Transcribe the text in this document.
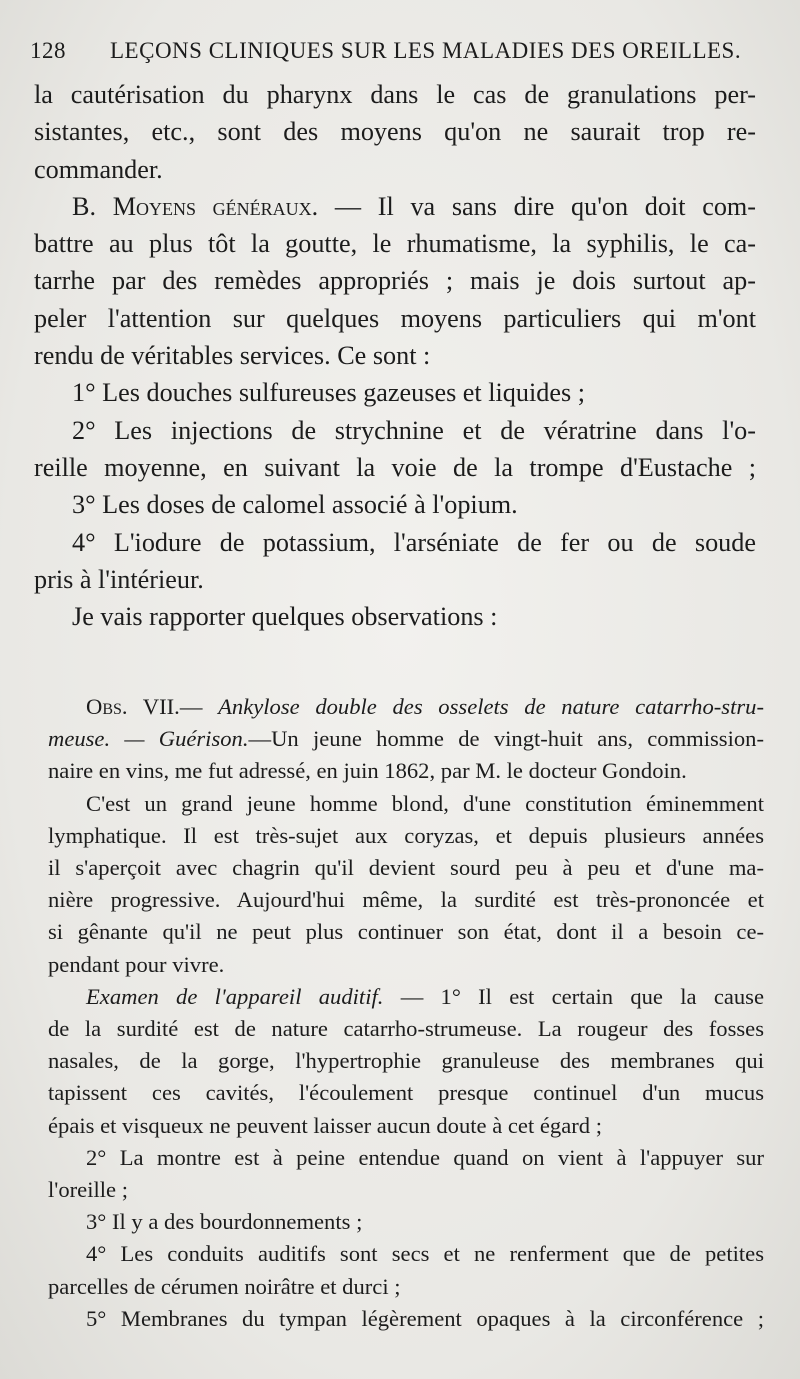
128 LEÇONS CLINIQUES SUR LES MALADIES DES OREILLES.

la cautérisation du pharynx dans le cas de granulations per-
sistantes, etc., sont des moyens qu'on ne saurait trop re-
commander.

B. Moyens généraux. — Il va sans dire qu'on doit com-
battre au plus tôt la goutte, le rhumatisme, la syphilis, le ca-
tarrhe par des remèdes appropriés ; mais je dois surtout ap-
peler l'attention sur quelques moyens particuliers qui m'ont
rendu de véritables services. Ce sont :

1° Les douches sulfureuses gazeuses et liquides ;

2° Les injections de strychnine et de vératrine dans l'o-
reille moyenne, en suivant la voie de la trompe d'Eustache ;

3° Les doses de calomel associé à l'opium.

4° L'iodure de potassium, l'arséniate de fer ou de soude
pris à l'intérieur.

Je vais rapporter quelques observations :

Obs. VII.— Ankylose double des osselets de nature catarrho-stru-
meuse. — Guérison.—Un jeune homme de vingt-huit ans, commission-
naire en vins, me fut adressé, en juin 1862, par M. le docteur Gondoin.

C'est un grand jeune homme blond, d'une constitution éminemment
lymphatique. Il est très-sujet aux coryzas, et depuis plusieurs années
il s'aperçoit avec chagrin qu'il devient sourd peu à peu et d'une ma-
nière progressive. Aujourd'hui même, la surdité est très-prononcée et
si gênante qu'il ne peut plus continuer son état, dont il a besoin ce-
pendant pour vivre.

Examen de l'appareil auditif. — 1° Il est certain que la cause
de la surdité est de nature catarrho-strumeuse. La rougeur des fosses
nasales, de la gorge, l'hypertrophie granuleuse des membranes qui
tapissent ces cavités, l'écoulement presque continuel d'un mucus
épais et visqueux ne peuvent laisser aucun doute à cet égard ;

2° La montre est à peine entendue quand on vient à l'appuyer sur
l'oreille ;

3° Il y a des bourdonnements ;

4° Les conduits auditifs sont secs et ne renferment que de petites
parcelles de cérumen noirâtre et durci ;

5° Membranes du tympan légèrement opaques à la circonférence ;
